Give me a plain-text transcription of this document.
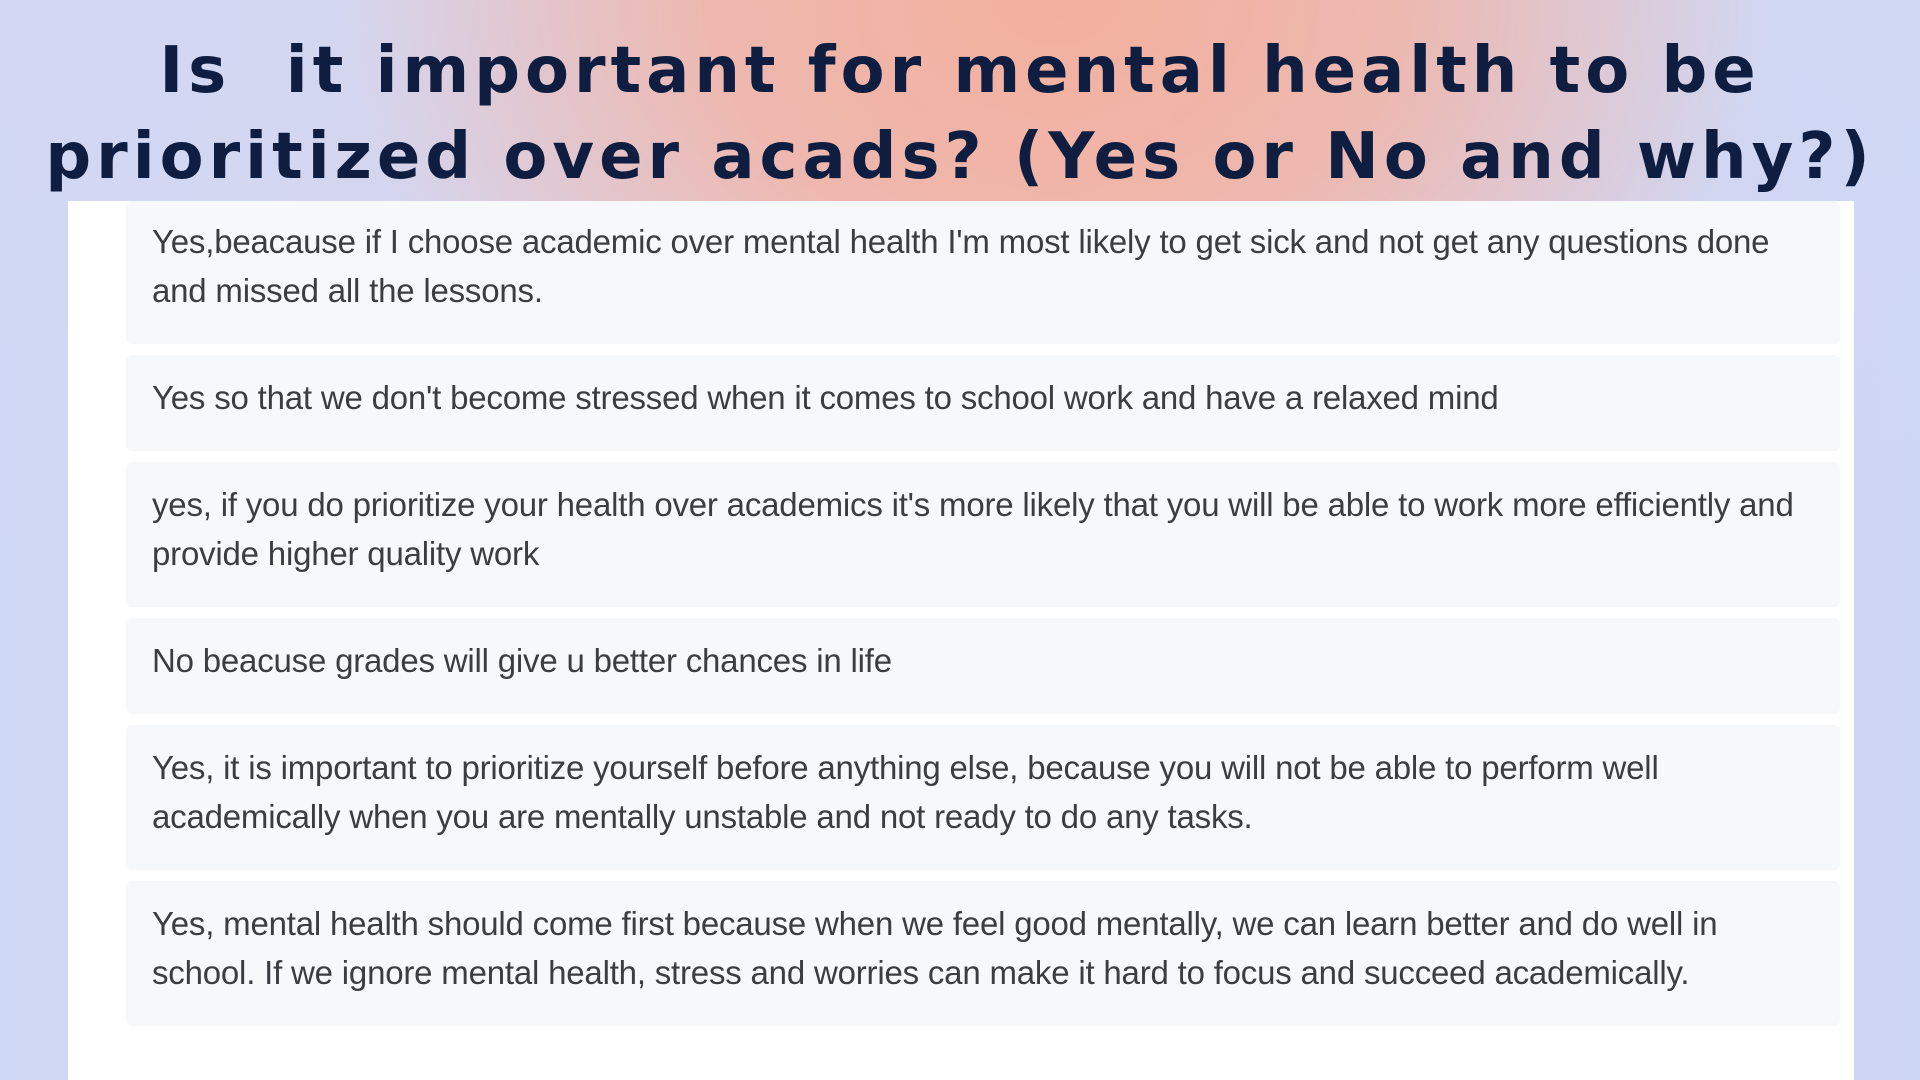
Is  it important for mental health to be prioritized over acads? (Yes or No and why?)
Yes,beacause if I choose academic over mental health I'm most likely to get sick and not get any questions done and missed all the lessons.
Yes so that we don't become stressed when it comes to school work and have a relaxed mind
yes, if you do prioritize your health over academics it's more likely that you will be able to work more efficiently and provide higher quality work
No beacuse grades will give u better chances in life
Yes, it is important to prioritize yourself before anything else, because you will not be able to perform well academically when you are mentally unstable and not ready to do any tasks.
Yes, mental health should come first because when we feel good mentally, we can learn better and do well in school. If we ignore mental health, stress and worries can make it hard to focus and succeed academically.
